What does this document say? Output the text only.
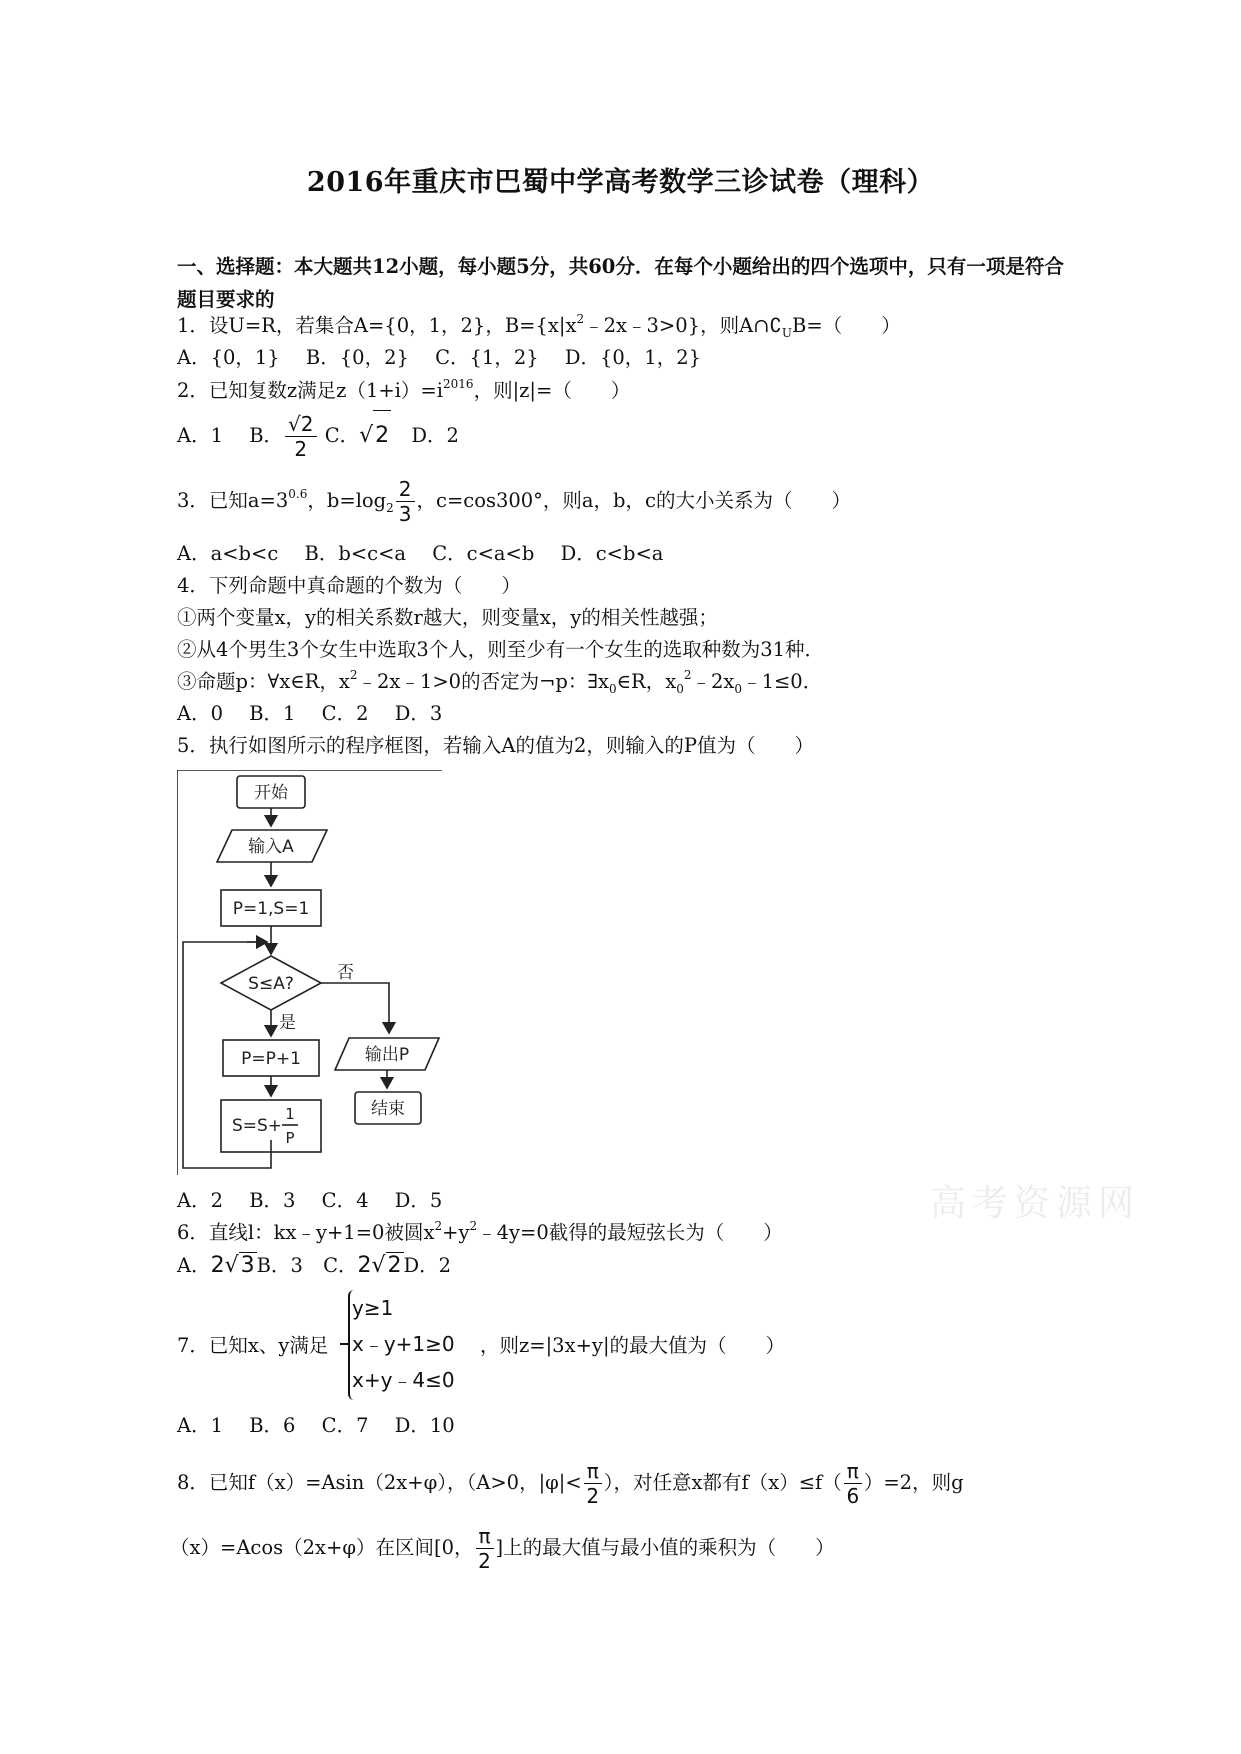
2016年重庆市巴蜀中学高考数学三诊试卷（理科）
一、选择题：本大题共12小题，每小题5分，共60分．在每个小题给出的四个选项中，只有一项是符合题目要求的
1．设U=R，若集合A={0，1，2}，$B=\{x|x^2﹣2x﹣3>0\}$，则$A\cap∁_UB=$（　　）
A．{0，1} B．{0，2} C．{1，2} D．{0，1，2}
2．已知复数z满足$z(1+i)=i^{2016}$，则|z|=（　　）
A．1 B． $\frac{√2}{2}$ C．√2 D．2
3．已知$a=3^{0.6}$，$b=\log_2 \frac{2}{3}$ ，c=cos300°，则a，b，c的大小关系为（　　）
A．a<b<c B．b<c<a C．c<a<b D．c<b<a
4．下列命题中真命题的个数为（　　）
①两个变量x，y的相关系数r越大，则变量x，y的相关性越强；
②从4个男生3个女生中选取3个人，则至少有一个女生的选取种数为31种．
③命题p：∀x∈R，$x^2﹣2x﹣1>0$的否定为¬p：$\exists x_0\in R$，$x_0^2﹣2x_0﹣1\le 0$．
A．0 B．1 C．2 D．3
5．执行如图所示的程序框图，若输入A的值为2，则输入的P值为（　　）
开始
输入A
P=1,S=1
S≤A?
否
是
P=P+1
S=S+
1
P
输出P
结束
A．2 B．3 C．4 D．5	高考资源网
6．直线l：kx﹣y+1=0被圆$x^2+y^2﹣4y=0$截得的最短弦长为（　　）
A．2√3 B．3 C．2√2 D．2
7．已知x、y满足
y≥1
x﹣y+1≥0
x+y﹣4≤0
，则z=|3x+y|的最大值为（　　）
A．1 B．6 C．7 D．10
8．已知f（x）=Asin（2x+φ），（A>0，$|\varphi|< \frac{\pi}{2}$ ），对任意x都有$f(x)\le f( \frac{\pi}{6} )=2$，则g
（x）=Acos（2x+φ）在区间[0， $\frac{\pi}{2}$ ]上的最大值与最小值的乘积为（　　）
